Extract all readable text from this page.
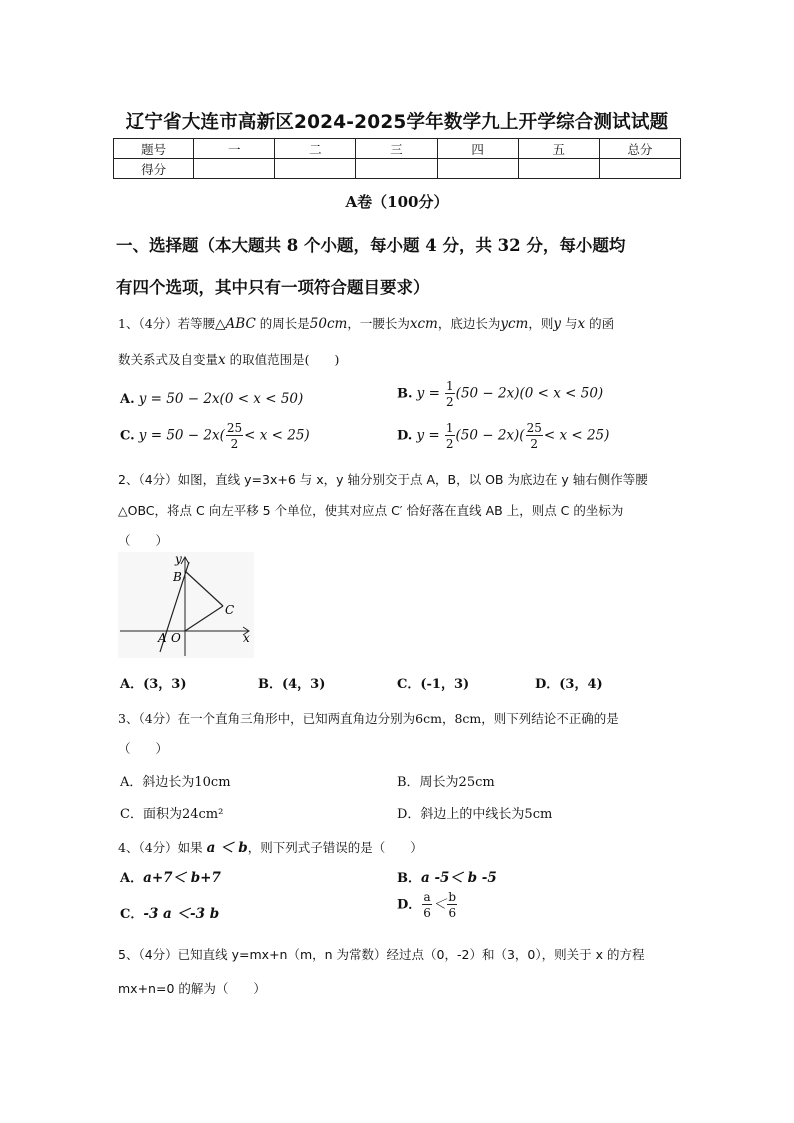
辽宁省大连市高新区2024-2025学年数学九上开学综合测试试题
题号	一	二	三	四	五	总分
得分						
A卷（100分）
一、选择题（本大题共 8 个小题，每小题 4 分，共 32 分，每小题均
有四个选项，其中只有一项符合题目要求）
1、（4分）若等腰△ABC 的周长是50cm，一腰长为xcm，底边长为ycm，则y 与x 的函
数关系式及自变量x 的取值范围是(　　)
A. y = 50 − 2x(0 < x < 50)	B. $y = \frac{1}{2} (50 - 2x)(0 < x < 50)$
C. $y = 50 - 2x( \frac{25}{2} < x < 25)$	D. $y = \frac{1}{2} (50 - 2x)( \frac{25}{2} < x < 25)$
2、（4分）如图，直线 y=3x+6 与 x，y 轴分别交于点 A，B，以 OB 为底边在 y 轴右侧作等腰
△OBC，将点 C 向左平移 5 个单位，使其对应点 C′ 恰好落在直线 AB 上，则点 C 的坐标为
（　　）
y
B
C
A O	x
A．(3，3)	B．(4，3)	C．(-1，3)	D．(3，4)
3、（4分）在一个直角三角形中，已知两直角边分别为6cm，8cm，则下列结论不正确的是
（　　）
A．斜边长为10cm	B．周长为25cm
C．面积为24cm²	D．斜边上的中线长为5cm
4、（4分）如果 a ＜ b，则下列式子错误的是（　　）
A．a+7＜ b+7	B．a -5＜ b -5
C．-3 a ＜-3 b
D． $\frac{a}{6} < \frac{b}{6}$
5、（4分）已知直线 y=mx+n（m，n 为常数）经过点（0，-2）和（3，0），则关于 x 的方程
mx+n=0 的解为（　　）
